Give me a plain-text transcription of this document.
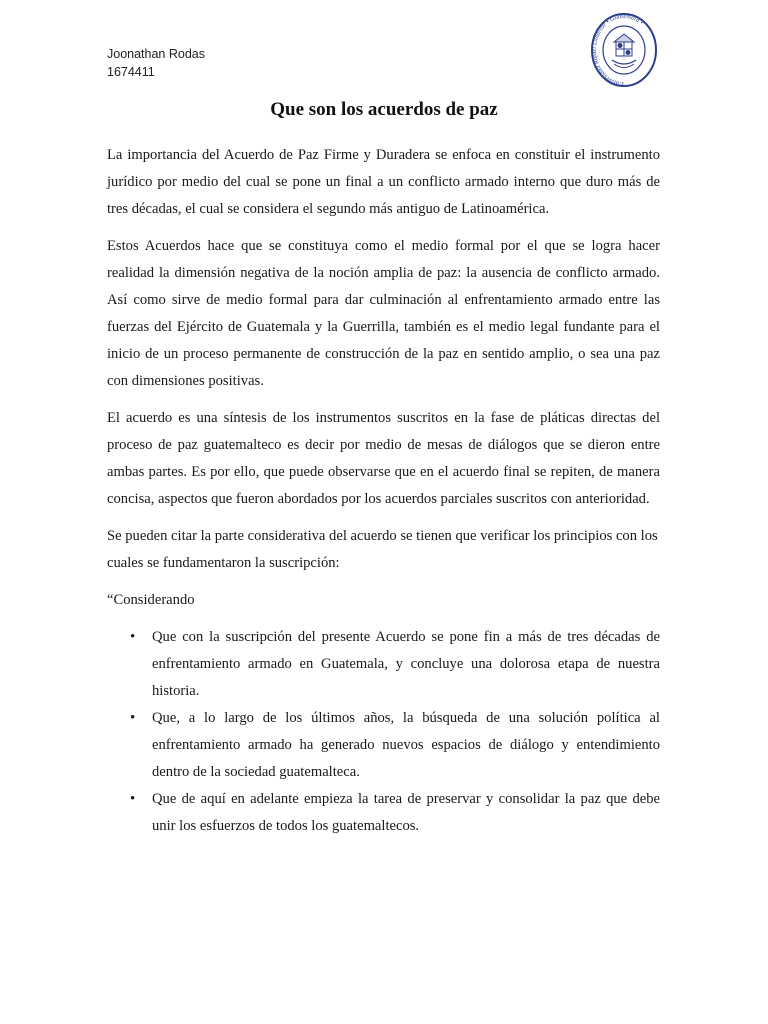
Joonathan Rodas
1674411
Universidad Rafael Landívar • Guatemala •
Que son los acuerdos de paz

La importancia del Acuerdo de Paz Firme y Duradera se enfoca en constituir el instrumento jurídico por medio del cual se pone un final a un conflicto armado interno que duro más de tres décadas, el cual se considera el segundo más antiguo de Latinoamérica.

Estos Acuerdos hace que se constituya como el medio formal por el que se logra hacer realidad la dimensión negativa de la noción amplia de paz: la ausencia de conflicto armado. Así como sirve de medio formal para dar culminación al enfrentamiento armado entre las fuerzas del Ejército de Guatemala y la Guerrilla, también es el medio legal fundante para el inicio de un proceso permanente de construcción de la paz en sentido amplio, o sea una paz con dimensiones positivas.

El acuerdo es una síntesis de los instrumentos suscritos en la fase de pláticas directas del proceso de paz guatemalteco es decir por medio de mesas de diálogos que se dieron entre ambas partes. Es por ello, que puede observarse que en el acuerdo final se repiten, de manera concisa, aspectos que fueron abordados por los acuerdos parciales suscritos con anterioridad.

Se pueden citar la parte considerativa del acuerdo se tienen que verificar los principios con los cuales se fundamentaron la suscripción:

“Considerando

• Que con la suscripción del presente Acuerdo se pone fin a más de tres décadas de enfrentamiento armado en Guatemala, y concluye una dolorosa etapa de nuestra historia.
• Que, a lo largo de los últimos años, la búsqueda de una solución política al enfrentamiento armado ha generado nuevos espacios de diálogo y entendimiento dentro de la sociedad guatemalteca.
• Que de aquí en adelante empieza la tarea de preservar y consolidar la paz que debe unir los esfuerzos de todos los guatemaltecos.
